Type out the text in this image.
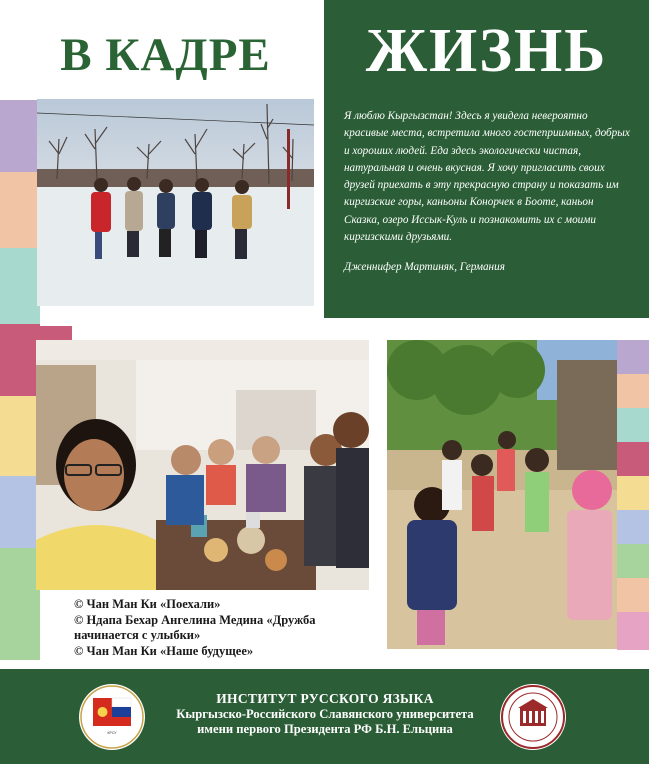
В КАДРЕ	ЖИЗНЬ
Я люблю Кыргызстан! Здесь я увидела невероятно красивые места, встретила много гостеприимных, добрых и хороших людей. Еда здесь экологически чистая, натуральная и очень вкусная. Я хочу пригласить своих друзей приехать в эту прекрасную страну и показать им киргизские горы, каньоны Конорчек в Боome, каньон Сказка, озеро Иссык-Куль и познакомить их с моими киргизскими друзьями.
Дженнифер Мартиняк, Германия
© Чан Ман Ки «Поехали»
© Ндапа Бехар Ангелина Медина «Дружба начинается с улыбки»
© Чан Ман Ки «Наше будущее»
КРСУ
ИНСТИТУТ РУССКОГО ЯЗЫКА
Кыргызско-Российского Славянского университета
имени первого Президента РФ Б.Н. Ельцина
